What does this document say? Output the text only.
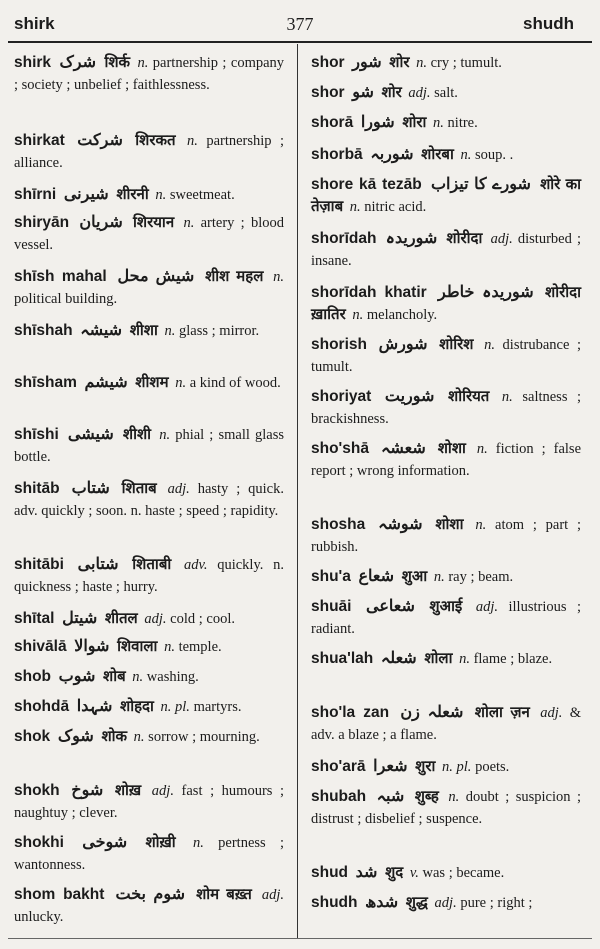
shirk	377	shudh
shirk شرک शिर्क n. partnership ; company ; society ; unbelief ; faithlessness.
shirkat شرکت शिरकत n. partnership ; alliance.
shīrni شیرنی शीरनी n. sweetmeat.
shiryān شریان शिरयान n. artery ; blood vessel.
shīsh mahal شیش محل शीश महल n. political building.
shīshah شیشہ शीशा n. glass ; mirror.
shīsham شیشم शीशम n. a kind of wood.
shīshi شیشی शीशी n. phial ; small glass bottle.
shitāb شتاب शिताब adj. hasty ; quick. adv. quickly ; soon. n. haste ; speed ; rapidity.
shitābi شتابی शिताबी adv. quickly. n. quickness ; haste ; hurry.
shītal شیتل शीतल adj. cold ; cool.
shivālā شوالا शिवाला n. temple.
shob شوب शोब n. washing.
shohdā شہدا शोहदा n. pl. martyrs.
shok شوک शोक n. sorrow ; mourning.
shokh شوخ शोख़ adj. fast ; humours ; naughtuy ; clever.
shokhi شوخی शोख़ी n. pertness ; wantonness.
shom bakht شوم بخت शोम बख़्त adj. unlucky.
shor شور शोर n. cry ; tumult.
shor شو शोर adj. salt.
shorā شورا शोरा n. nitre.
shorbā شوربہ शोरबा n. soup. .
shore kā tezāb شورے کا تیزاب शोरे का तेज़ाब n. nitric acid.
shorīdah شوریدہ शोरीदा adj. disturbed ; insane.
shorīdah khatir شوریدہ خاطر शोरीदा ख़ातिर n. melancholy.
shorish شورش शोरिश n. distrubance ; tumult.
shoriyat شوریت शोरियत n. saltness ; brackishness.
sho'shā شعشہ शोशा n. fiction ; false report ; wrong information.
shosha شوشہ शोशा n. atom ; part ; rubbish.
shu'a شعاع शुआ n. ray ; beam.
shuāi شعاعی शुआई adj. illustrious ; radiant.
shua'lah شعلہ शोला n. flame ; blaze.
sho'la zan شعلہ زن शोला ज़न adj. & adv. a blaze ; a flame.
sho'arā شعرا शुरा n. pl. poets.
shubah شبہ शुब्ह n. doubt ; suspicion ; distrust ; disbelief ; suspence.
shud شد शुद v. was ; became.
shudh شدھ शुद्ध adj. pure ; right ;
